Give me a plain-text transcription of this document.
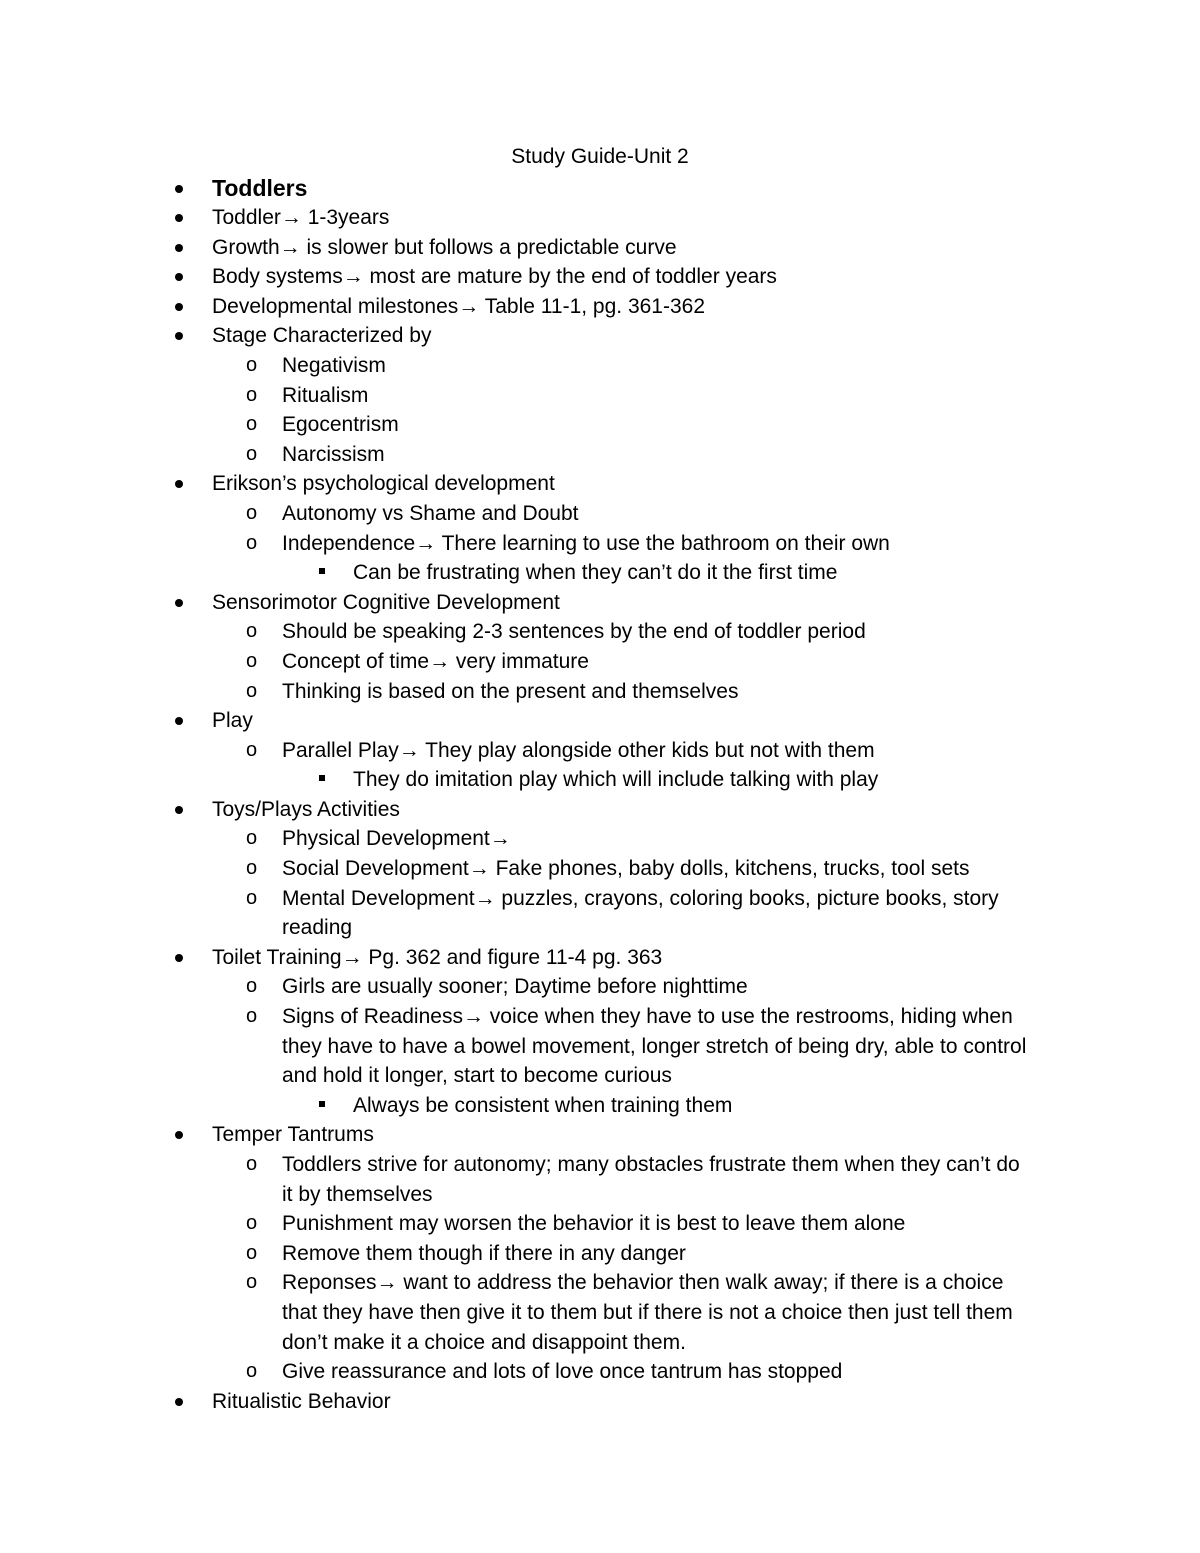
Study Guide-Unit 2
Toddlers
Toddler→ 1-3years
Growth→ is slower but follows a predictable curve
Body systems→ most are mature by the end of toddler years
Developmental milestones→ Table 11-1, pg. 361-362
Stage Characterized by
o Negativism
o Ritualism
o Egocentrism
o Narcissism
Erikson’s psychological development
o Autonomy vs Shame and Doubt
o Independence→ There learning to use the bathroom on their own
Can be frustrating when they can’t do it the first time
Sensorimotor Cognitive Development
o Should be speaking 2-3 sentences by the end of toddler period
o Concept of time→ very immature
o Thinking is based on the present and themselves
Play
o Parallel Play→ They play alongside other kids but not with them
They do imitation play which will include talking with play
Toys/Plays Activities
o Physical Development→
o Social Development→ Fake phones, baby dolls, kitchens, trucks, tool sets
o Mental Development→ puzzles, crayons, coloring books, picture books, story
reading
Toilet Training→ Pg. 362 and figure 11-4 pg. 363
o Girls are usually sooner; Daytime before nighttime
o Signs of Readiness→ voice when they have to use the restrooms, hiding when
they have to have a bowel movement, longer stretch of being dry, able to control
and hold it longer, start to become curious
Always be consistent when training them
Temper Tantrums
o Toddlers strive for autonomy; many obstacles frustrate them when they can’t do
it by themselves
o Punishment may worsen the behavior it is best to leave them alone
o Remove them though if there in any danger
o Reponses→ want to address the behavior then walk away; if there is a choice
that they have then give it to them but if there is not a choice then just tell them
don’t make it a choice and disappoint them.
o Give reassurance and lots of love once tantrum has stopped
Ritualistic Behavior
